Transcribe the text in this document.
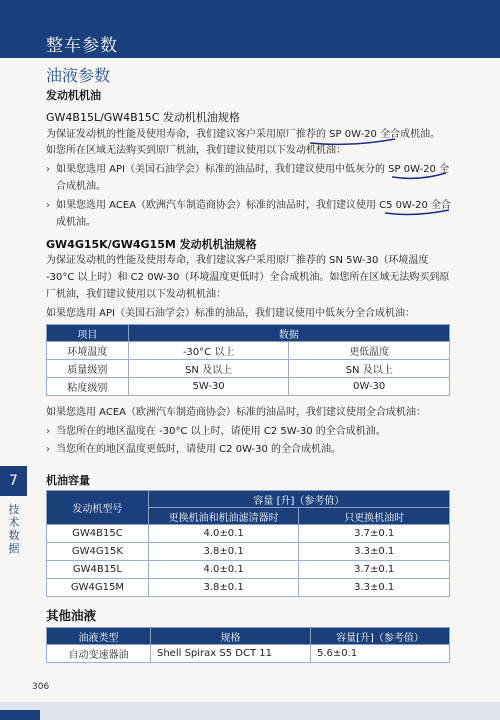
整车参数
油液参数
发动机机油
GW4B15L/GW4B15C 发动机机油规格
为保证发动机的性能及使用寿命，我们建议客户采用原厂推荐的 SP 0W-20 全合成机油。
如您所在区域无法购买到原厂机油，我们建议使用以下发动机机油：
› 如果您选用 API（美国石油学会）标准的油品时，我们建议使用中低灰分的 SP 0W-20 全
合成机油。
› 如果您选用 ACEA（欧洲汽车制造商协会）标准的油品时，我们建议使用 C5 0W-20 全合
成机油。
GW4G15K/GW4G15M 发动机机油规格
为保证发动机的性能及使用寿命，我们建议客户采用原厂推荐的 SN 5W-30（环境温度
-30°C 以上时）和 C2 0W-30（环境温度更低时）全合成机油。如您所在区域无法购买到原
厂机油，我们建议使用以下发动机机油：
如果您选用 API（美国石油学会）标准的油品，我们建议使用中低灰分全合成机油：
项目	数据	
环境温度	-30°C 以上	更低温度
质量级别	SN 及以上	SN 及以上
粘度级别	5W-30	0W-30
如果您选用 ACEA（欧洲汽车制造商协会）标准的油品时，我们建议使用全合成机油：
› 当您所在的地区温度在 -30°C 以上时，请使用 C2 5W-30 的全合成机油。
› 当您所在的地区温度更低时，请使用 C2 0W-30 的全合成机油。
7
技术数据
机油容量
发动机型号	容量 [升]（参考值）	
	更换机油和机油滤清器时	只更换机油时
GW4B15C	4.0±0.1	3.7±0.1
GW4G15K	3.8±0.1	3.3±0.1
GW4B15L	4.0±0.1	3.7±0.1
GW4G15M	3.8±0.1	3.3±0.1
其他油液
油液类型	规格	容量[升]（参考值）
自动变速器油	Shell Spirax S5 DCT 11	5.6±0.1
306
